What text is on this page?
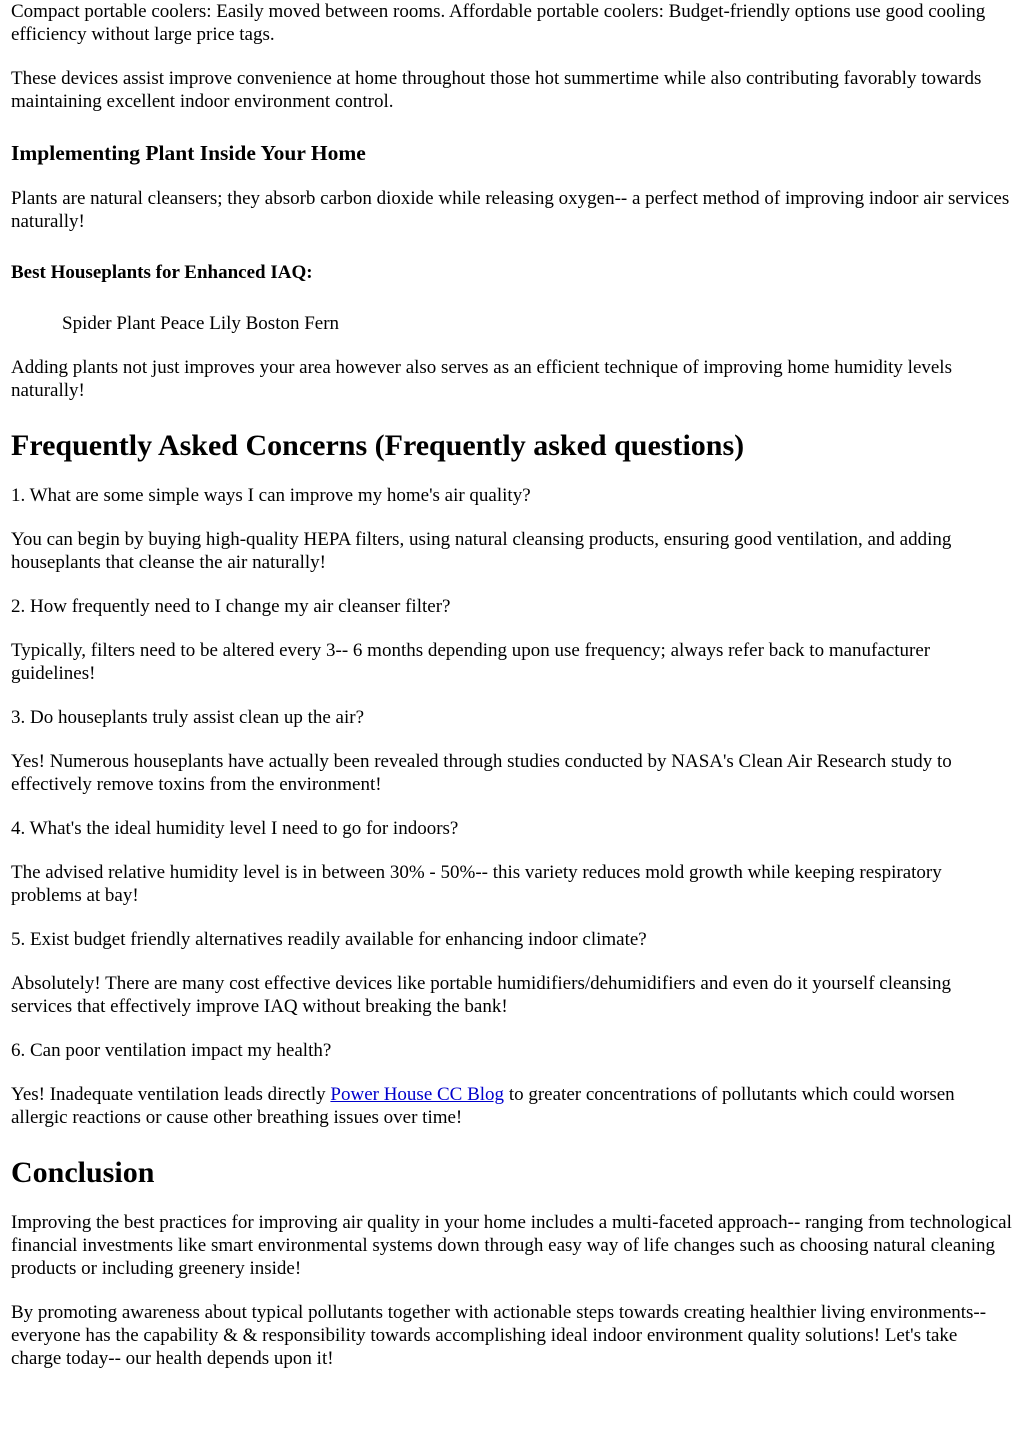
Compact portable coolers: Easily moved between rooms. Affordable portable coolers: Budget-friendly options use good cooling efficiency without large price tags.

These devices assist improve convenience at home throughout those hot summertime while also contributing favorably towards maintaining excellent indoor environment control.

Implementing Plant Inside Your Home

Plants are natural cleansers; they absorb carbon dioxide while releasing oxygen-- a perfect method of improving indoor air services naturally!

Best Houseplants for Enhanced IAQ:

Spider Plant Peace Lily Boston Fern

Adding plants not just improves your area however also serves as an efficient technique of improving home humidity levels naturally!

Frequently Asked Concerns (Frequently asked questions)

1. What are some simple ways I can improve my home's air quality?

You can begin by buying high-quality HEPA filters, using natural cleansing products, ensuring good ventilation, and adding houseplants that cleanse the air naturally!

2. How frequently need to I change my air cleanser filter?

Typically, filters need to be altered every 3-- 6 months depending upon use frequency; always refer back to manufacturer guidelines!

3. Do houseplants truly assist clean up the air?

Yes! Numerous houseplants have actually been revealed through studies conducted by NASA's Clean Air Research study to effectively remove toxins from the environment!

4. What's the ideal humidity level I need to go for indoors?

The advised relative humidity level is in between 30% - 50%-- this variety reduces mold growth while keeping respiratory problems at bay!

5. Exist budget friendly alternatives readily available for enhancing indoor climate?

Absolutely! There are many cost effective devices like portable humidifiers/dehumidifiers and even do it yourself cleansing services that effectively improve IAQ without breaking the bank!

6. Can poor ventilation impact my health?

Yes! Inadequate ventilation leads directly Power House CC Blog to greater concentrations of pollutants which could worsen allergic reactions or cause other breathing issues over time!

Conclusion

Improving the best practices for improving air quality in your home includes a multi-faceted approach-- ranging from technological financial investments like smart environmental systems down through easy way of life changes such as choosing natural cleaning products or including greenery inside!

By promoting awareness about typical pollutants together with actionable steps towards creating healthier living environments-- everyone has the capability & & responsibility towards accomplishing ideal indoor environment quality solutions! Let's take charge today-- our health depends upon it!
